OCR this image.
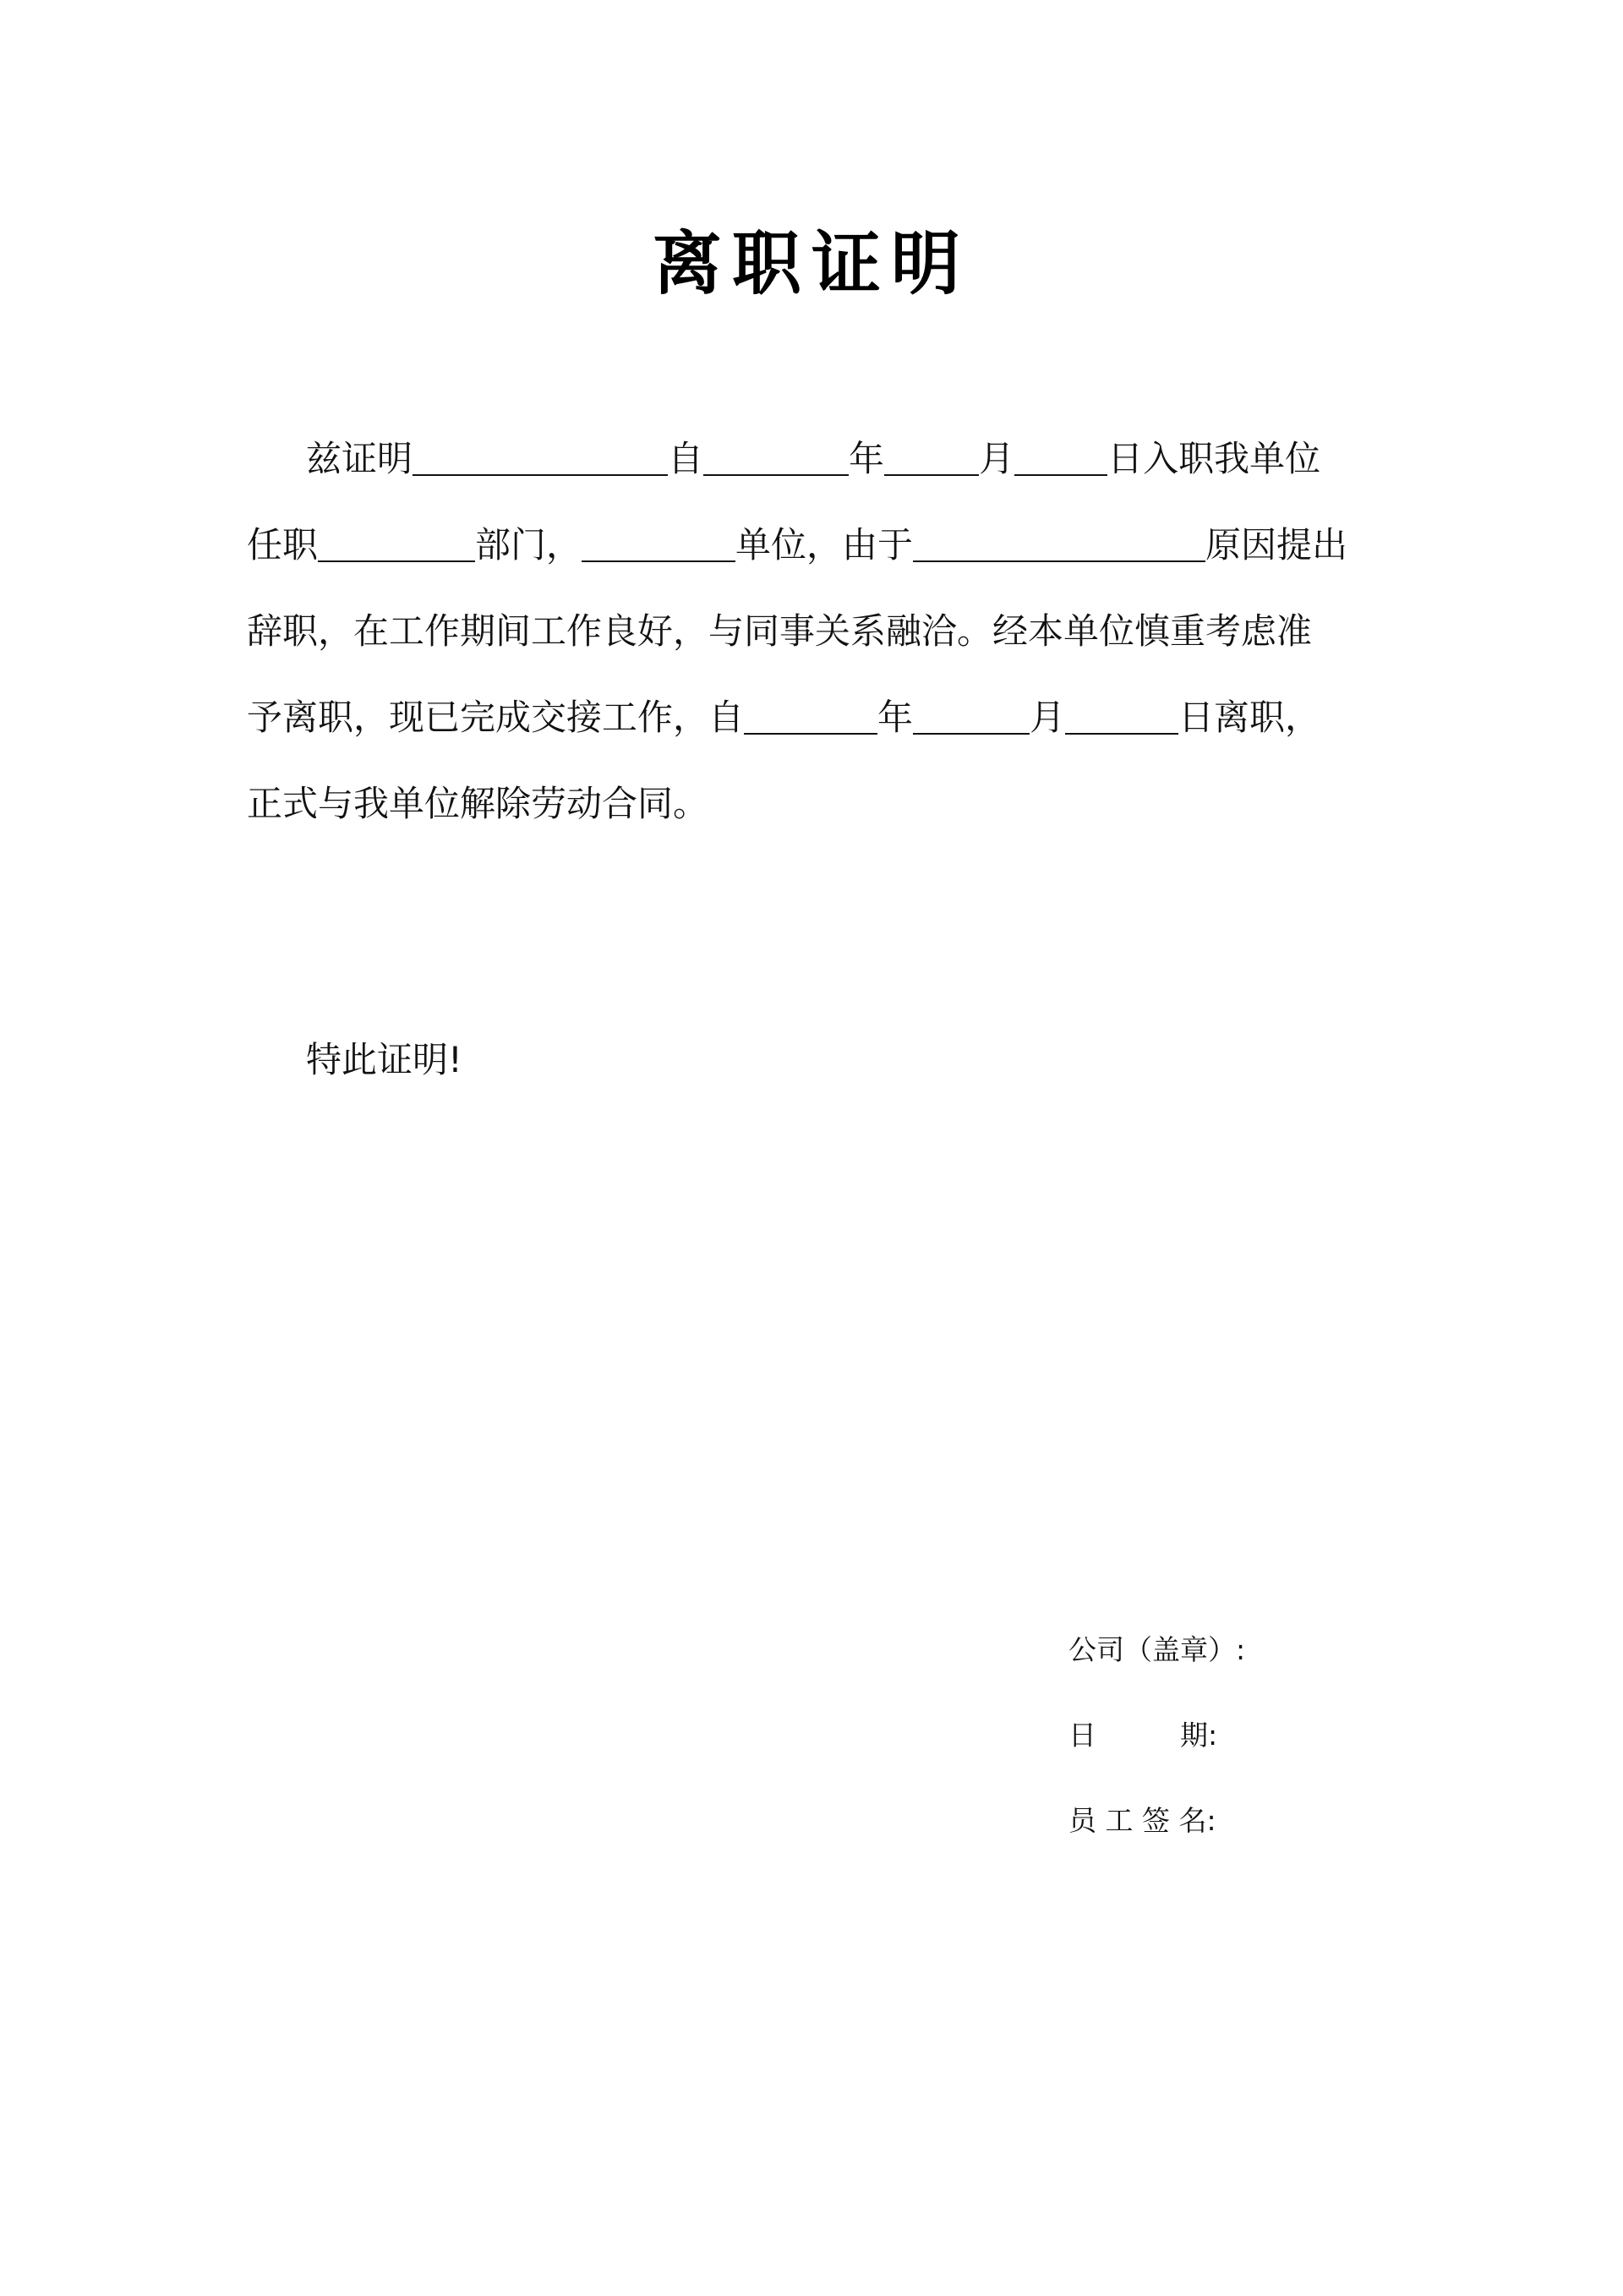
离职证明
兹证明	自	年	月	日入职我单位
任职	部门，	单位，由于	原因提出
辞职，在工作期间工作良好，与同事关系融洽。经本单位慎重考虑准
予离职，现已完成交接工作，自	年	月	日离职，
正式与我单位解除劳动合同。
特此证明!
公司（盖章）:
日　　　期:
员 工 签 名:
